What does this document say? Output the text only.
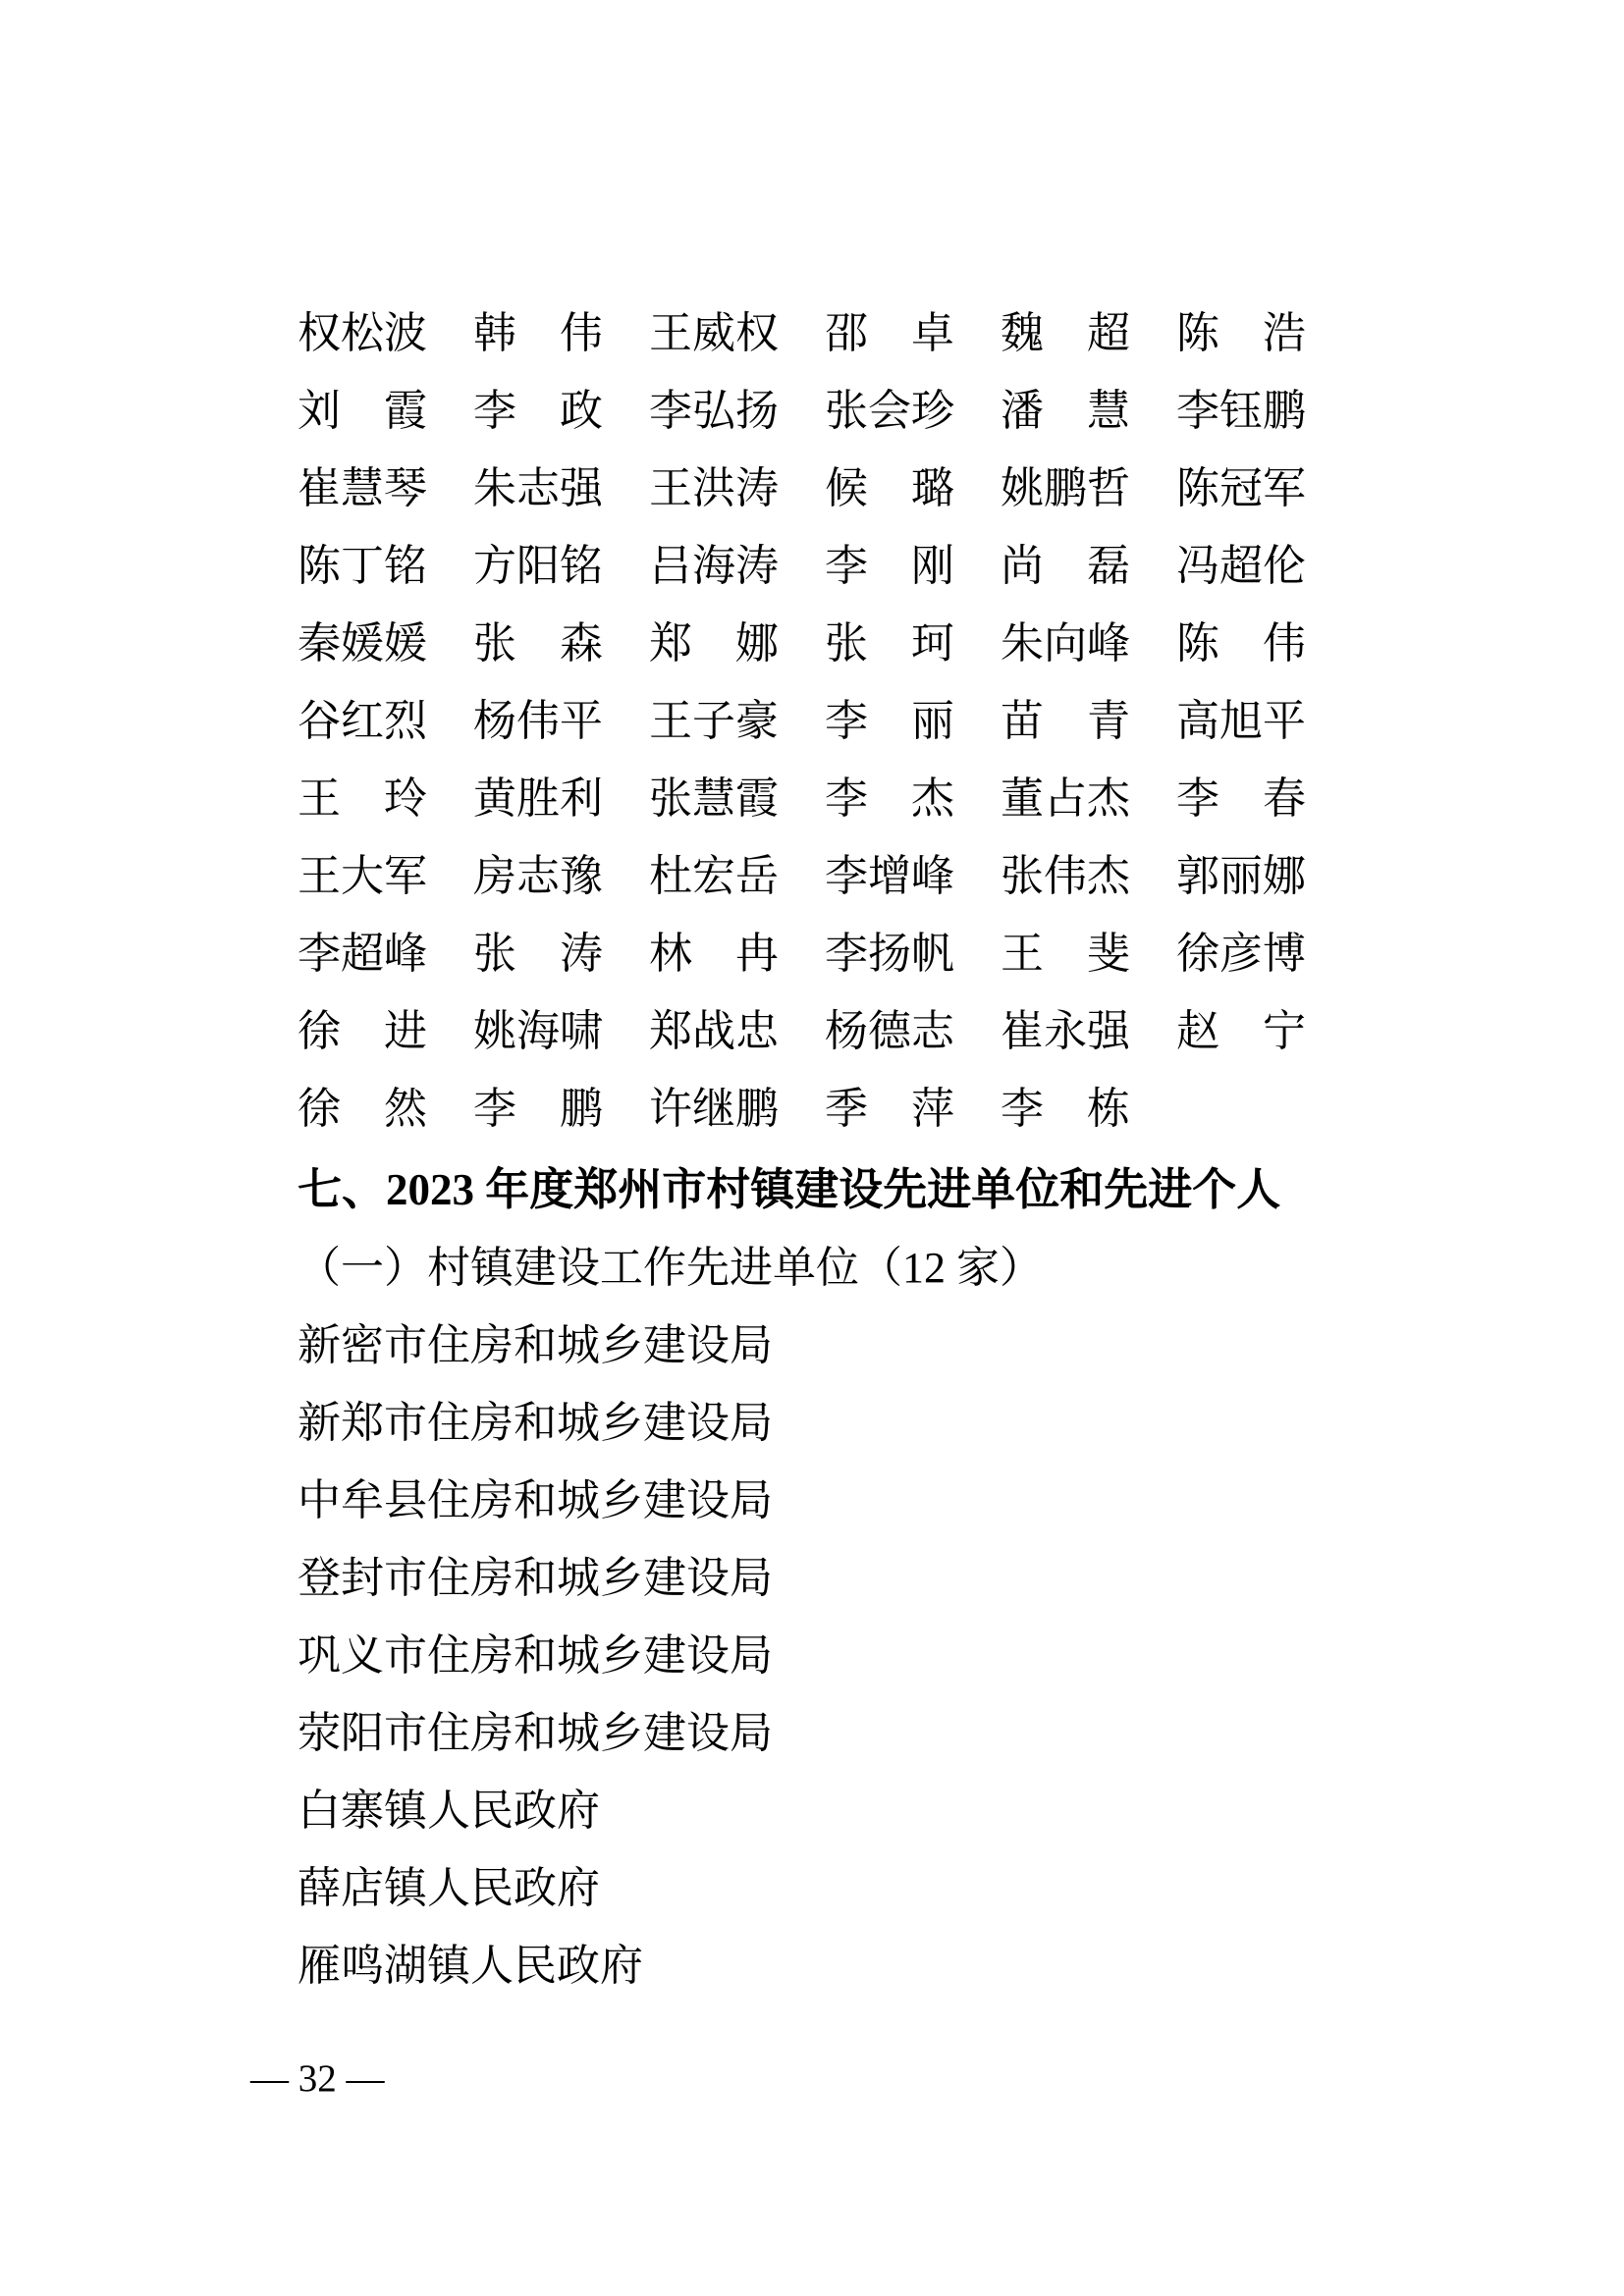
权松波 韩　伟 王威权 邵　卓 魏　超 陈　浩
刘　霞 李　政 李弘扬 张会珍 潘　慧 李钰鹏
崔慧琴 朱志强 王洪涛 候　璐 姚鹏哲 陈冠军
陈丁铭 方阳铭 吕海涛 李　刚 尚　磊 冯超伦
秦媛媛 张　森 郑　娜 张　珂 朱向峰 陈　伟
谷红烈 杨伟平 王子豪 李　丽 苗　青 高旭平
王　玲 黄胜利 张慧霞 李　杰 董占杰 李　春
王大军 房志豫 杜宏岳 李增峰 张伟杰 郭丽娜
李超峰 张　涛 林　冉 李扬帆 王　斐 徐彦博
徐　进 姚海啸 郑战忠 杨德志 崔永强 赵　宁
徐　然 李　鹏 许继鹏 季　萍 李　栋
七、2023 年度郑州市村镇建设先进单位和先进个人
（一）村镇建设工作先进单位（12 家）
新密市住房和城乡建设局
新郑市住房和城乡建设局
中牟县住房和城乡建设局
登封市住房和城乡建设局
巩义市住房和城乡建设局
荥阳市住房和城乡建设局
白寨镇人民政府
薛店镇人民政府
雁鸣湖镇人民政府
— 32 —
